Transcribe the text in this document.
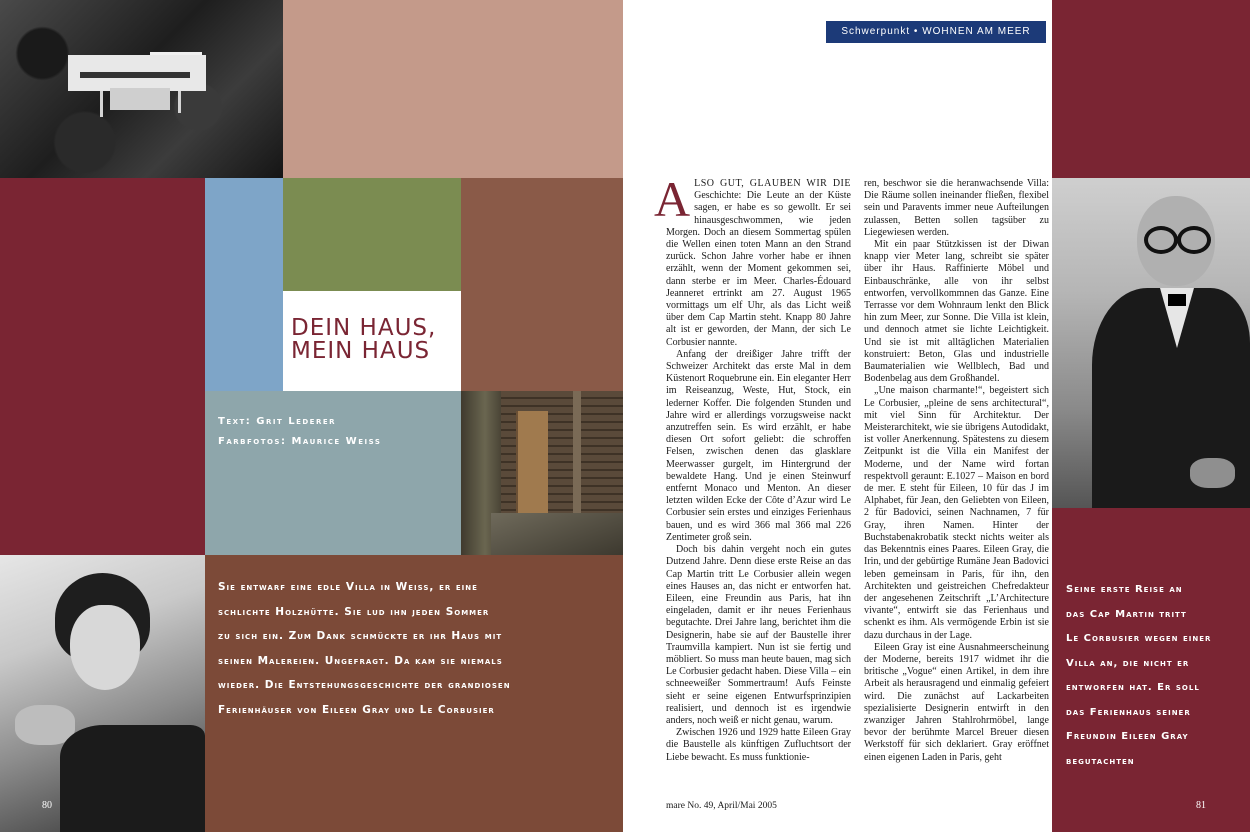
DEIN HAUS,
MEIN HAUS
Text: Grit Lederer
Farbfotos: Maurice Weiss
80
Sie entwarf eine edle Villa in Weiss, er eine
schlichte Holzhütte. Sie lud ihn jeden Sommer
zu sich ein. Zum Dank schmückte er ihr Haus mit
seinen Malereien. Ungefragt. Da kam sie niemals
wieder. Die Entstehungsgeschichte der grandiosen
Ferienhäuser von Eileen Gray und Le Corbusier
Schwerpunkt • WOHNEN AM MEER

ALSO GUT, GLAUBEN WIR DIE Geschichte: Die Leute an der Küste sagen, er habe es so gewollt. Er sei hinausgeschwommen, wie jeden Morgen. Doch an diesem Sommertag spülen die Wellen einen toten Mann an den Strand zurück. Schon Jahre vorher habe er ihnen erzählt, wenn der Moment gekommen sei, dann sterbe er im Meer. Charles-Édouard Jeanneret ertrinkt am 27. August 1965 vormittags um elf Uhr, als das Licht weiß über dem Cap Martin steht. Knapp 80 Jahre alt ist er geworden, der Mann, der sich Le Corbusier nannte.

Anfang der dreißiger Jahre trifft der Schweizer Architekt das erste Mal in dem Küstenort Roquebrune ein. Ein eleganter Herr im Reiseanzug, Weste, Hut, Stock, ein lederner Koffer. Die folgenden Stunden und Jahre wird er allerdings vorzugsweise nackt anzutreffen sein. Es wird erzählt, er habe diesen Ort sofort geliebt: die schroffen Felsen, zwischen denen das glasklare Meerwasser gurgelt, im Hintergrund der bewaldete Hang. Und je einen Steinwurf entfernt Monaco und Menton. An dieser letzten wilden Ecke der Côte d’Azur wird Le Corbusier sein erstes und einziges Ferienhaus bauen, und es wird 366 mal 366 mal 226 Zentimeter groß sein.

Doch bis dahin vergeht noch ein gutes Dutzend Jahre. Denn diese erste Reise an das Cap Martin tritt Le Corbusier allein wegen eines Hauses an, das nicht er entworfen hat. Eileen, eine Freundin aus Paris, hat ihn eingeladen, damit er ihr neues Ferienhaus begutachte. Drei Jahre lang, berichtet ihm die Designerin, habe sie auf der Baustelle ihrer Traumvilla kampiert. Nun ist sie fertig und möbliert. So muss man heute bauen, mag sich Le Corbusier gedacht haben. Diese Villa – ein schneeweißer Sommertraum! Aufs Feinste sieht er seine eigenen Entwurfsprinzipien realisiert, und dennoch ist es irgendwie anders, noch weiß er nicht genau, warum.

Zwischen 1926 und 1929 hatte Eileen Gray die Baustelle als künftigen Zufluchtsort der Liebe bewacht. Es muss funktionie-

ren, beschwor sie die heranwachsende Villa: Die Räume sollen ineinander fließen, flexibel sein und Paravents immer neue Aufteilungen zulassen, Betten sollen tagsüber zu Liegewiesen werden.

Mit ein paar Stützkissen ist der Diwan knapp vier Meter lang, schreibt sie später über ihr Haus. Raffinierte Möbel und Einbauschränke, alle von ihr selbst entworfen, vervollkommnen das Ganze. Eine Terrasse vor dem Wohnraum lenkt den Blick hin zum Meer, zur Sonne. Die Villa ist klein, und dennoch atmet sie lichte Leichtigkeit. Und sie ist mit alltäglichen Materialien konstruiert: Beton, Glas und industrielle Baumaterialien wie Wellblech, Bad und Bodenbelag aus dem Großhandel.

„Une maison charmante!“, begeistert sich Le Corbusier, „pleine de sens architectural“, mit viel Sinn für Architektur. Der Meisterarchitekt, wie sie übrigens Autodidakt, ist voller Anerkennung. Spätestens zu diesem Zeitpunkt ist die Villa ein Manifest der Moderne, und der Name wird fortan respektvoll geraunt: E.1027 – Maison en bord de mer. E steht für Eileen, 10 für das J im Alphabet, für Jean, den Geliebten von Eileen, 2 für Badovici, seinen Nachnamen, 7 für Gray, ihren Namen. Hinter der Buchstabenakrobatik steckt nichts weiter als das Bekenntnis eines Paares. Eileen Gray, die Irin, und der gebürtige Rumäne Jean Badovici leben gemeinsam in Paris, für ihn, den Architekten und geistreichen Chefredakteur der angesehenen Zeitschrift „L’Architecture vivante“, entwirft sie das Ferienhaus und schenkt es ihm. Als vermögende Erbin ist sie dazu durchaus in der Lage.

Eileen Gray ist eine Ausnahmeerscheinung der Moderne, bereits 1917 widmet ihr die britische „Vogue“ einen Artikel, in dem ihre Arbeit als herausragend und einmalig gefeiert wird. Die zunächst auf Lackarbeiten spezialisierte Designerin entwirft in den zwanziger Jahren Stahlrohrmöbel, lange bevor der berühmte Marcel Breuer diesen Werkstoff für sich deklariert. Gray eröffnet einen eigenen Laden in Paris, geht

mare No. 49, April/Mai 2005
Seine erste Reise an
das Cap Martin tritt
Le Corbusier wegen einer
Villa an, die nicht er
entworfen hat. Er soll
das Ferienhaus seiner
Freundin Eileen Gray
begutachten
81
